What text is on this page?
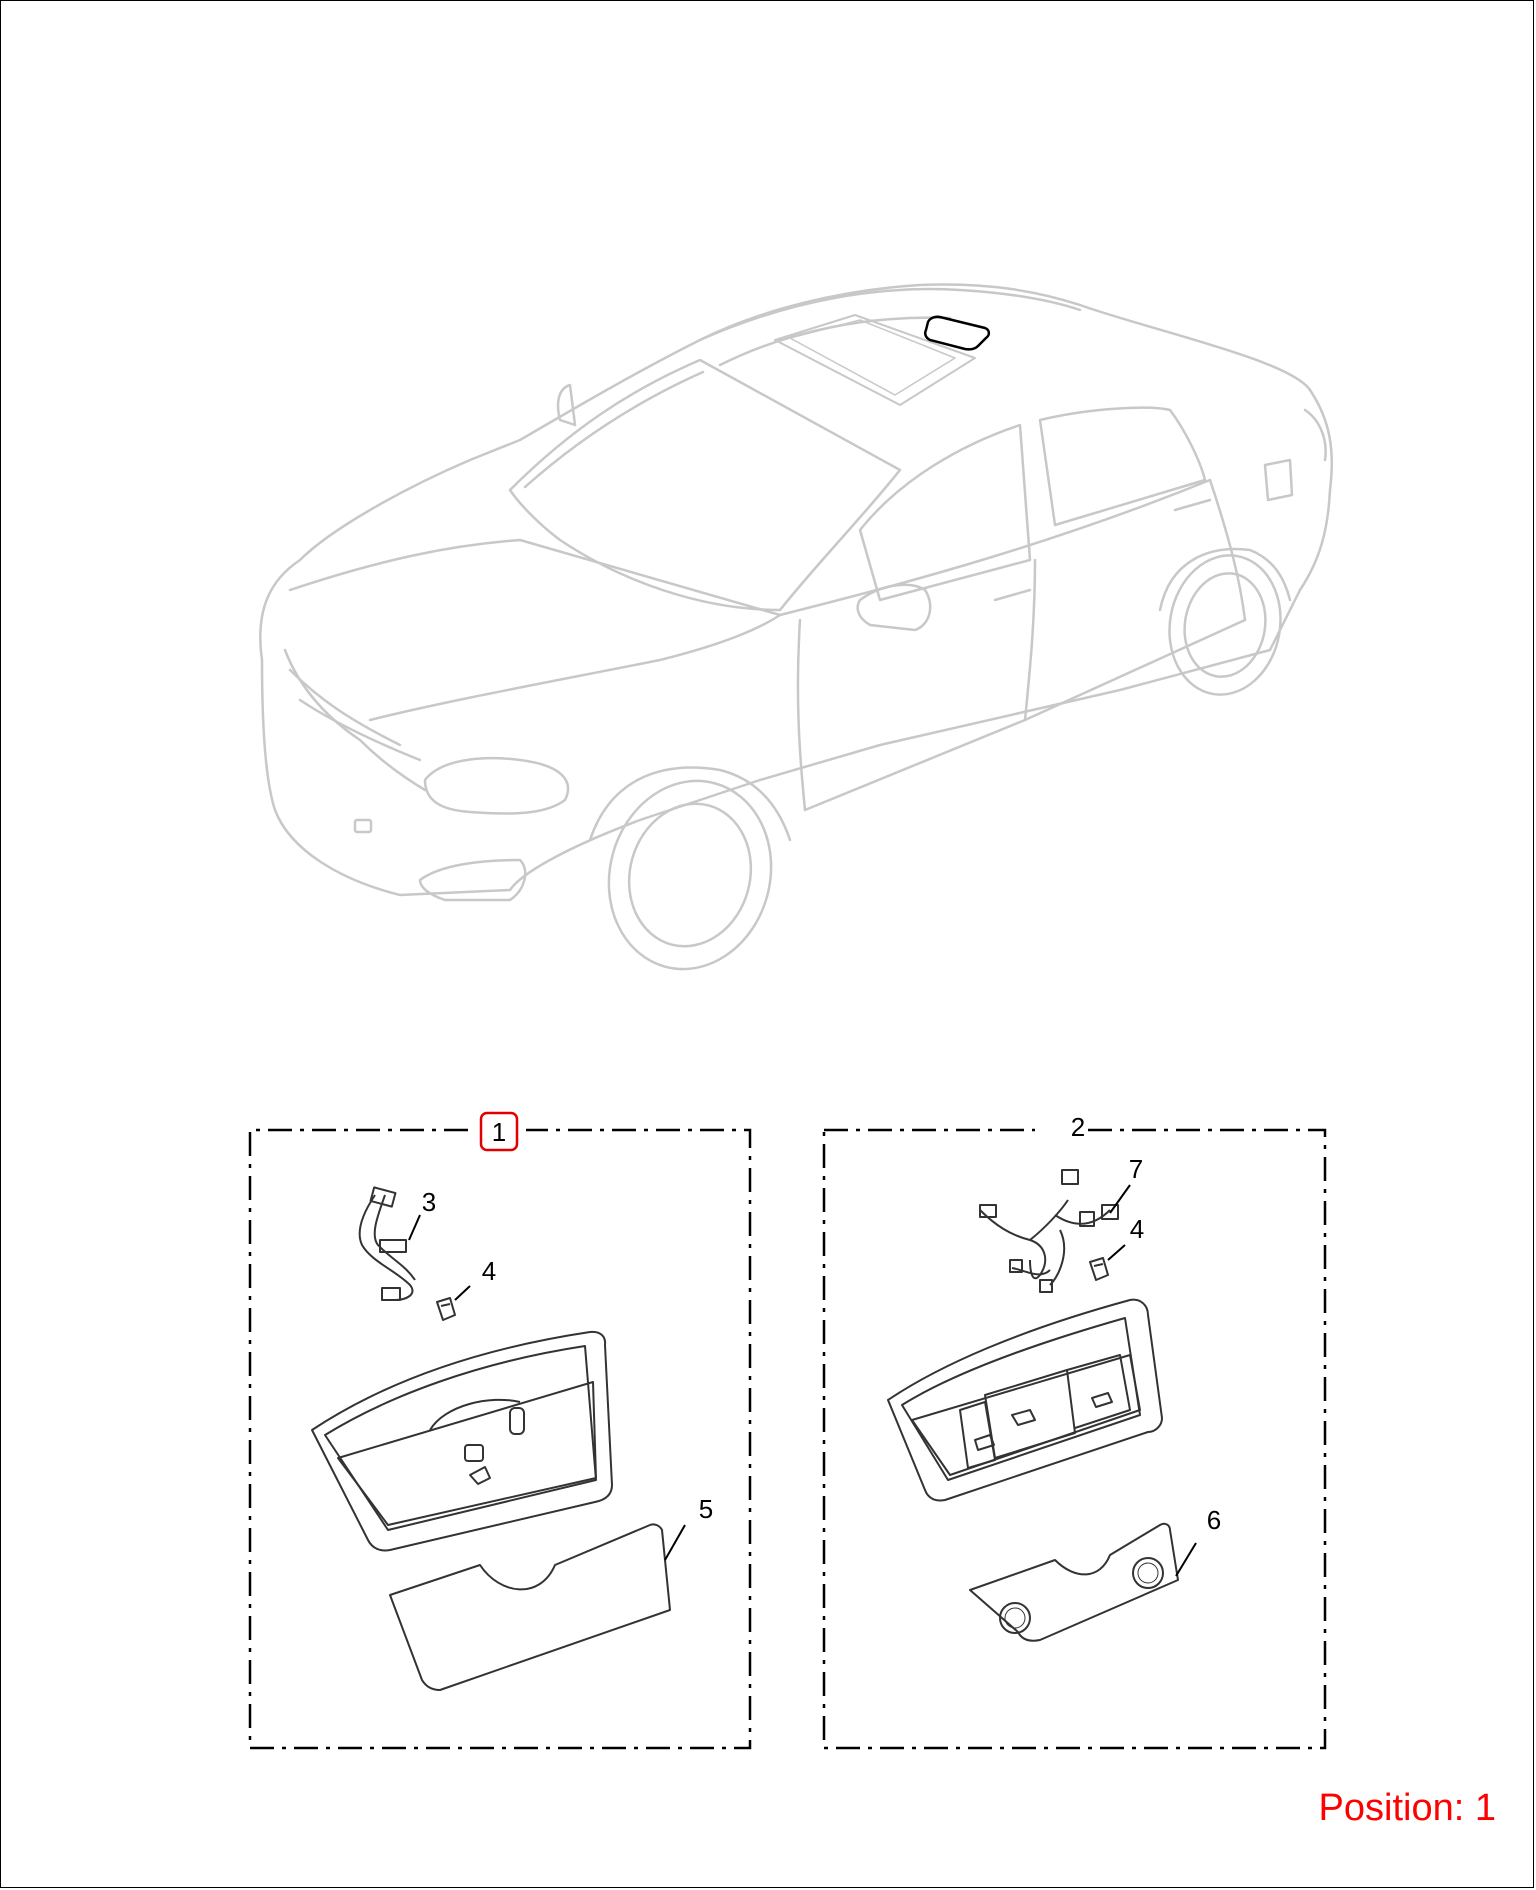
1	2
3
4
4
5	6
7
Position: 1
